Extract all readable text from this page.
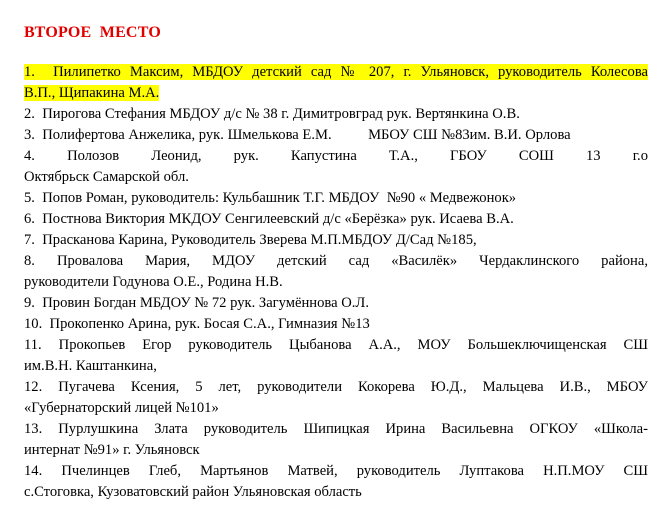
ВТОРОЕ  МЕСТО
1. Пилипетко Максим, МБДОУ детский сад № 207, г. Ульяновск, руководитель Колесова
В.П., Щипакина М.А.
2. Пирогова Стефания МБДОУ д/с № 38 г. Димитровград рук. Вертянкина О.В.
3. Полифертова Анжелика, рук. Шмелькова Е.М.          МБОУ СШ №83им. В.И. Орлова
4. Полозов Леонид, рук. Капустина Т.А., ГБОУ СОШ 13 г.о
Октябрьск Самарской обл.
5. Попов Роман, руководитель: Кульбашник Т.Г. МБДОУ  №90 « Медвежонок»
6. Постнова Виктория МКДОУ Сенгилеевский д/с «Берёзка» рук. Исаева В.А.
7. Прасканова Карина, Руководитель Зверева М.П.МБДОУ Д/Сад №185,
8. Провалова Мария, МДОУ детский сад «Василёк» Чердаклинского района,
руководители Годунова О.Е., Родина Н.В.
9. Провин Богдан МБДОУ № 72 рук. Загумённова О.Л.
10. Прокопенко Арина, рук. Босая С.А., Гимназия №13
11. Прокопьев Егор руководитель Цыбанова А.А., МОУ Большеключищенская СШ
им.В.Н. Каштанкина,
12. Пугачева Ксения, 5 лет, руководители Кокорева Ю.Д., Мальцева И.В., МБОУ
«Губернаторский лицей №101»
13. Пурлушкина Злата руководитель Шипицкая Ирина Васильевна ОГКОУ «Школа-
интернат №91» г. Ульяновск
14. Пчелинцев Глеб, Мартьянов Матвей, руководитель Луптакова Н.П.МОУ СШ
с.Стоговка, Кузоватовский район Ульяновская область
